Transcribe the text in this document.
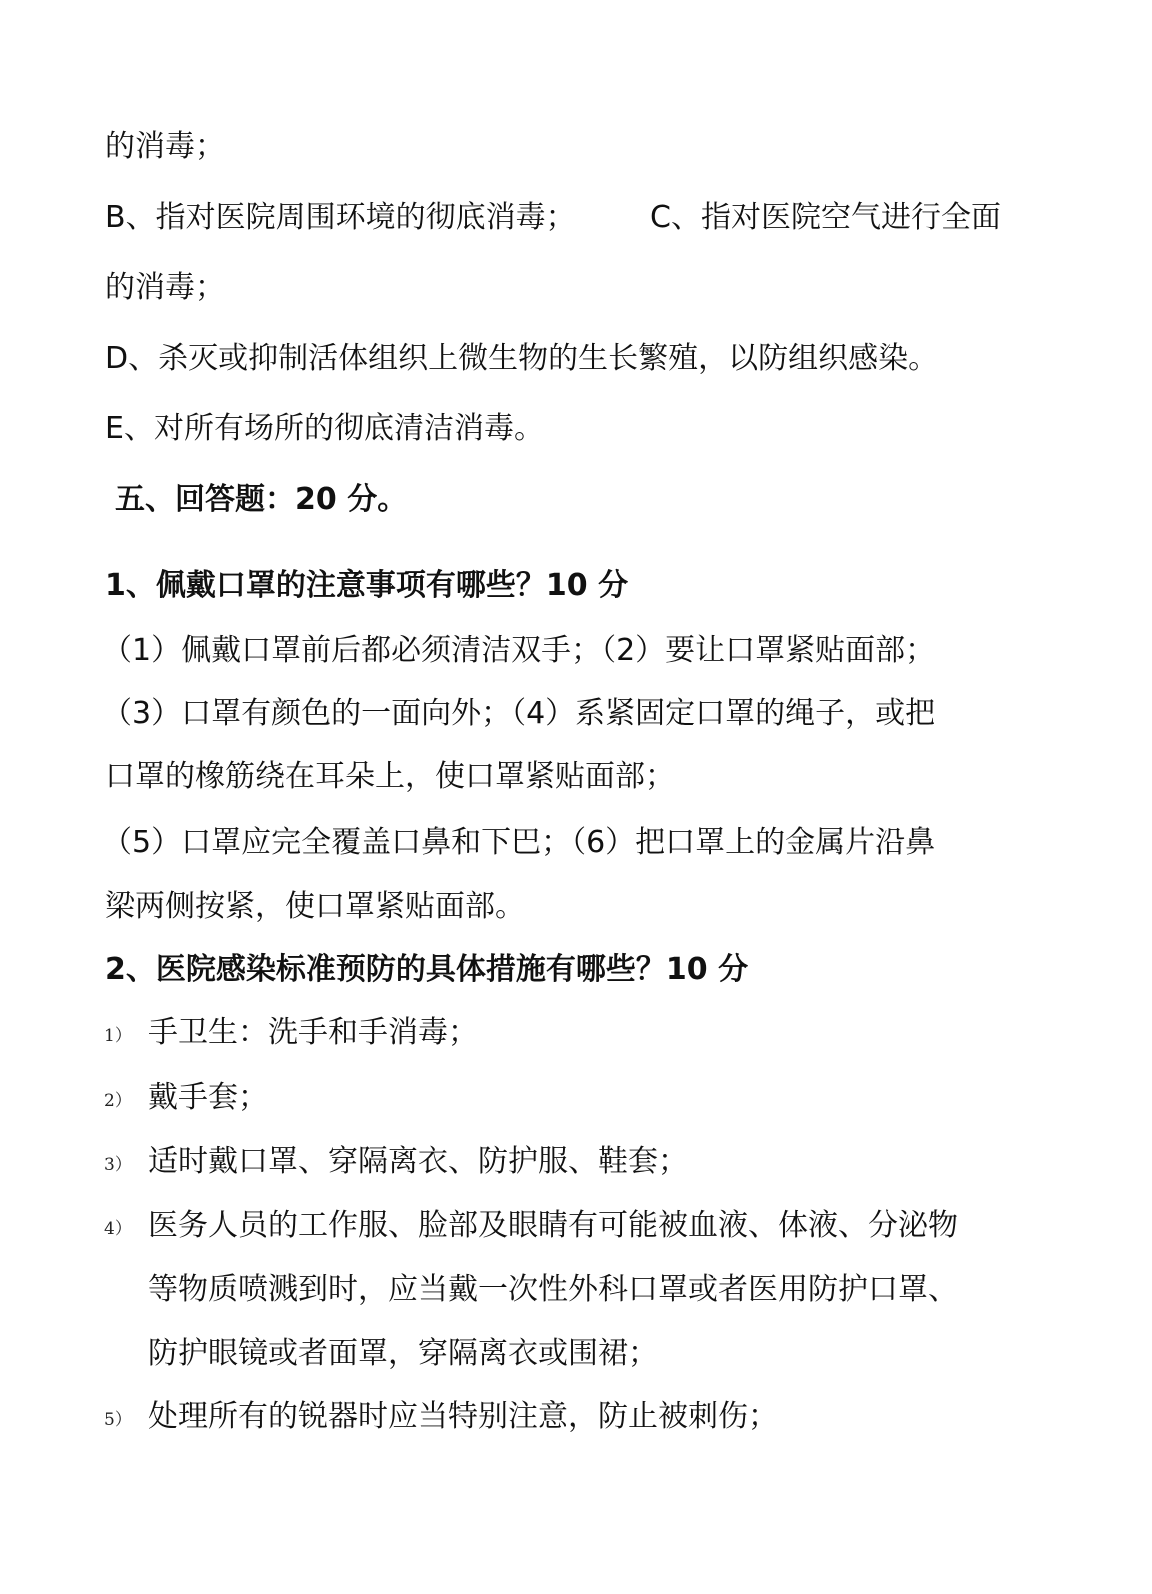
的消毒；
B、指对医院周围环境的彻底消毒； C、指对医院空气进行全面
的消毒；
D、杀灭或抑制活体组织上微生物的生长繁殖，以防组织感染。
E、对所有场所的彻底清洁消毒。
五、回答题：20 分。
1、佩戴口罩的注意事项有哪些？10 分
（1）佩戴口罩前后都必须清洁双手；（2）要让口罩紧贴面部；
（3）口罩有颜色的一面向外；（4）系紧固定口罩的绳子，或把
口罩的橡筋绕在耳朵上，使口罩紧贴面部；
（5）口罩应完全覆盖口鼻和下巴；（6）把口罩上的金属片沿鼻
梁两侧按紧，使口罩紧贴面部。
2、医院感染标准预防的具体措施有哪些？10 分
1） 手卫生：洗手和手消毒；
2） 戴手套；
3） 适时戴口罩、穿隔离衣、防护服、鞋套；
4） 医务人员的工作服、脸部及眼睛有可能被血液、体液、分泌物
等物质喷溅到时，应当戴一次性外科口罩或者医用防护口罩、
防护眼镜或者面罩，穿隔离衣或围裙；
5） 处理所有的锐器时应当特别注意，防止被刺伤；
